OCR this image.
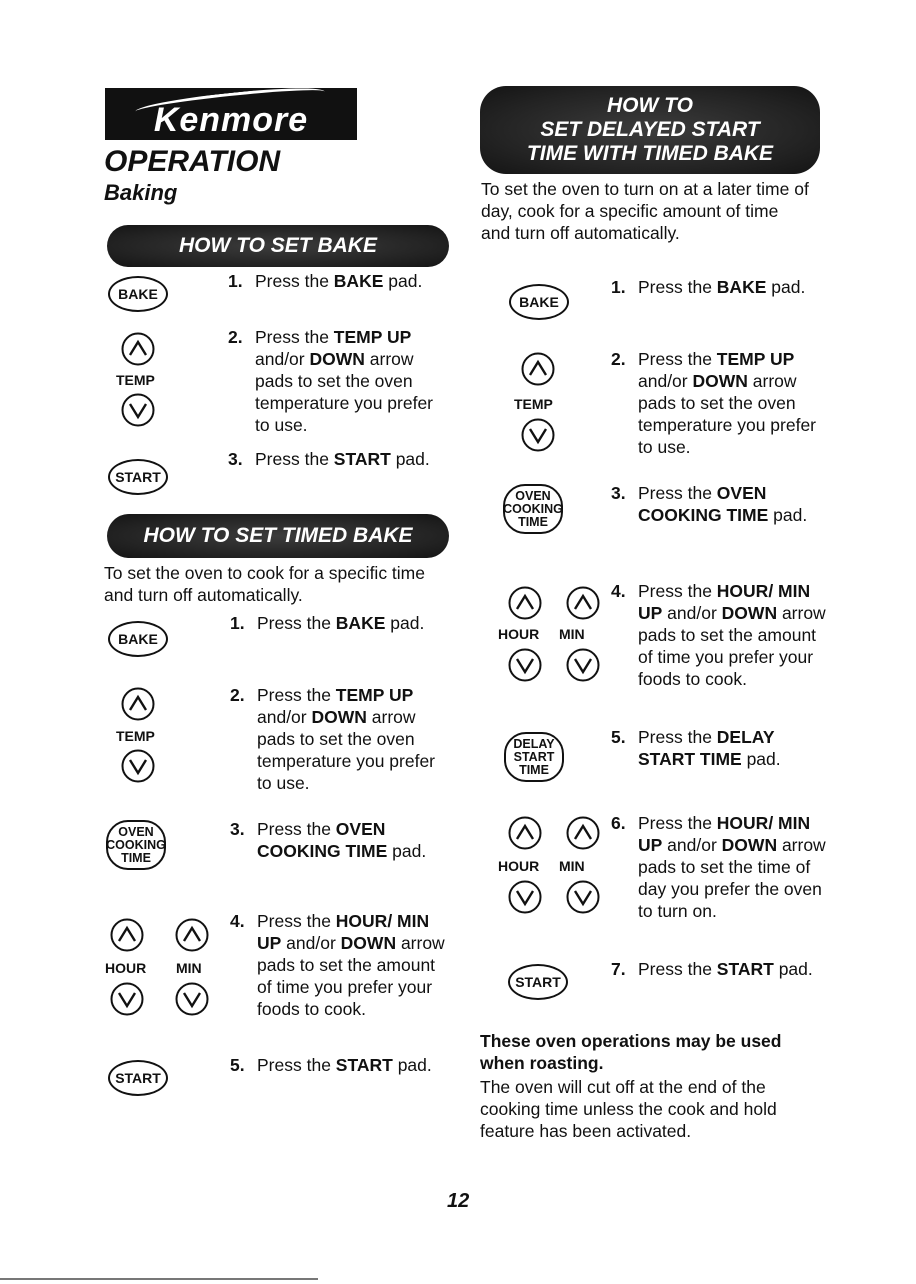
Kenmore
OPERATION
Baking
HOW TO SET BAKE
BAKE
1. Press the BAKE pad.
TEMP
2. Press the TEMP UP and/or DOWN arrow pads to set the oven temperature you prefer to use.
START
3. Press the START pad.
HOW TO SET TIMED BAKE
To set the oven to cook for a specific time and turn off automatically.
BAKE
1. Press the BAKE pad.
TEMP
2. Press the TEMP UP and/or DOWN arrow pads to set the oven temperature you prefer to use.
OVEN
COOKING
TIME
3. Press the OVEN COOKING TIME pad.
HOUR MIN
4. Press the HOUR/ MIN UP and/or DOWN arrow pads to set the amount of time you prefer your foods to cook.
START
5. Press the START pad.
HOW TO
SET DELAYED START
TIME WITH TIMED BAKE
To set the oven to turn on at a later time of day, cook for a specific amount of time and turn off automatically.
BAKE
1. Press the BAKE pad.
TEMP
2. Press the TEMP UP and/or DOWN arrow pads to set the oven temperature you prefer to use.
OVEN
COOKING
TIME
3. Press the OVEN COOKING TIME pad.
HOUR MIN
4. Press the HOUR/ MIN UP and/or DOWN arrow pads to set the amount of time you prefer your foods to cook.
DELAY
START
TIME
5. Press the DELAY START TIME pad.
HOUR MIN
6. Press the HOUR/ MIN UP and/or DOWN arrow pads to set the time of day you prefer the oven to turn on.
START
7. Press the START pad.
These oven operations may be used when roasting.
The oven will cut off at the end of the cooking time unless the cook and hold feature has been activated.
12
